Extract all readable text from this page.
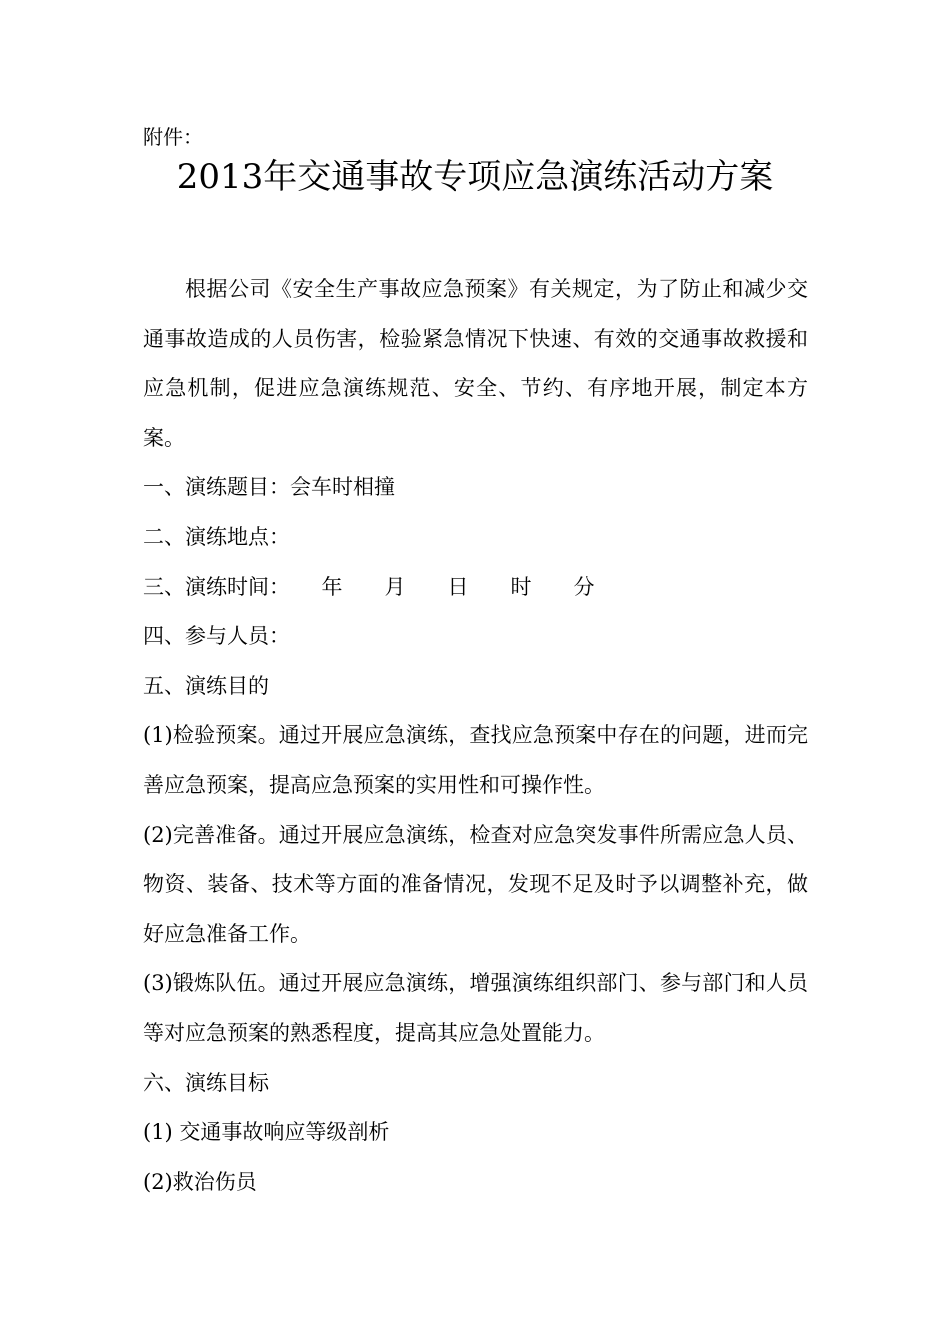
附件：
2013年交通事故专项应急演练活动方案

根据公司《安全生产事故应急预案》有关规定，为了防止和减少交通事故造成的人员伤害，检验紧急情况下快速、有效的交通事故救援和应急机制，促进应急演练规范、安全、节约、有序地开展，制定本方案。

一、演练题目：会车时相撞

二、演练地点：

三、演练时间：　　年　　月　　日　　时　　分

四、参与人员：

五、演练目的

(1)检验预案。通过开展应急演练，查找应急预案中存在的问题，进而完善应急预案，提高应急预案的实用性和可操作性。

(2)完善准备。通过开展应急演练，检查对应急突发事件所需应急人员、物资、装备、技术等方面的准备情况，发现不足及时予以调整补充，做好应急准备工作。

(3)锻炼队伍。通过开展应急演练，增强演练组织部门、参与部门和人员等对应急预案的熟悉程度，提高其应急处置能力。

六、演练目标

(1) 交通事故响应等级剖析

(2)救治伤员
